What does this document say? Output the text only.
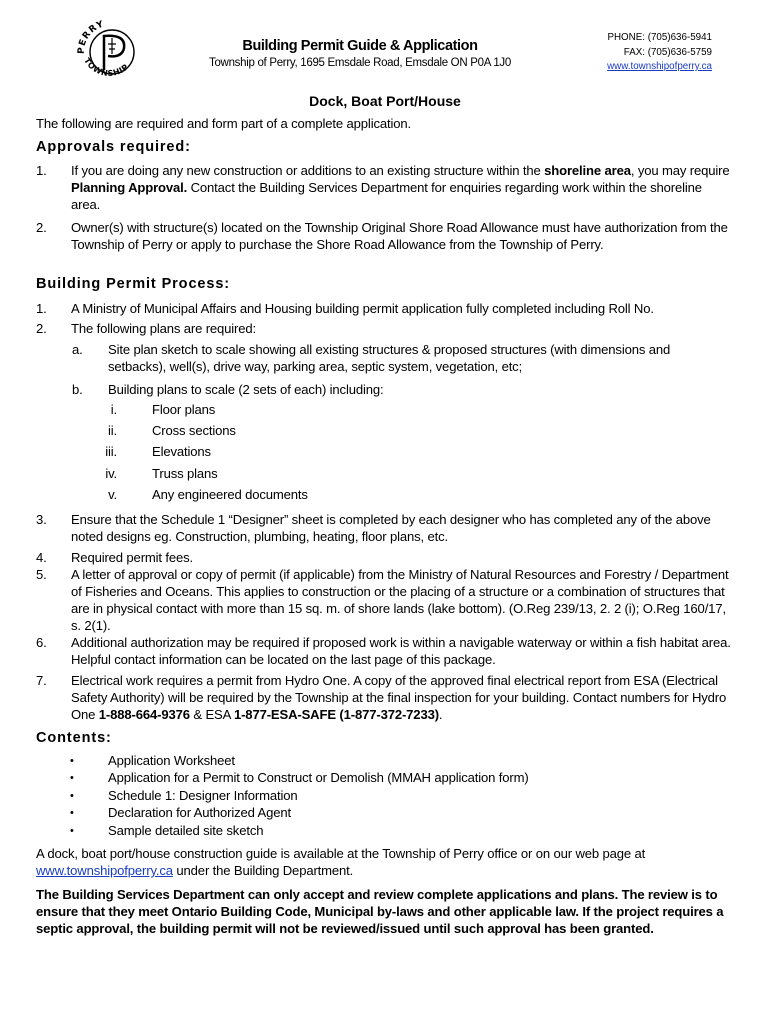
PERRY
TOWNSHIP
Building Permit Guide & Application
Township of Perry, 1695 Emsdale Road, Emsdale ON P0A 1J0
PHONE: (705)636-5941
FAX: (705)636-5759
www.townshipofperry.ca
Dock, Boat Port/House
The following are required and form part of a complete application.
Approvals required:
1. If you are doing any new construction or additions to an existing structure within the shoreline area, you may require Planning Approval. Contact the Building Services Department for enquiries regarding work within the shoreline area.
2. Owner(s) with structure(s) located on the Township Original Shore Road Allowance must have authorization from the Township of Perry or apply to purchase the Shore Road Allowance from the Township of Perry.
Building Permit Process:
1. A Ministry of Municipal Affairs and Housing building permit application fully completed including Roll No.
2. The following plans are required:
a. Site plan sketch to scale showing all existing structures & proposed structures (with dimensions and setbacks), well(s), drive way, parking area, septic system, vegetation, etc;
b. Building plans to scale (2 sets of each) including:
i.	Floor plans
ii.	Cross sections
iii.	Elevations
iv.	Truss plans
v.	Any engineered documents
3. Ensure that the Schedule 1 “Designer” sheet is completed by each designer who has completed any of the above noted designs eg. Construction, plumbing, heating, floor plans, etc.
4. Required permit fees.
5. A letter of approval or copy of permit (if applicable) from the Ministry of Natural Resources and Forestry / Department of Fisheries and Oceans. This applies to construction or the placing of a structure or a combination of structures that are in physical contact with more than 15 sq. m. of shore lands (lake bottom). (O.Reg 239/13, 2. 2 (i); O.Reg 160/17, s. 2(1).
6. Additional authorization may be required if proposed work is within a navigable waterway or within a fish habitat area. Helpful contact information can be located on the last page of this package.
7. Electrical work requires a permit from Hydro One. A copy of the approved final electrical report from ESA (Electrical Safety Authority) will be required by the Township at the final inspection for your building. Contact numbers for Hydro One 1-888-664-9376 & ESA 1-877-ESA-SAFE (1-877-372-7233).
Contents:
•	Application Worksheet
•	Application for a Permit to Construct or Demolish (MMAH application form)
•	Schedule 1: Designer Information
•	Declaration for Authorized Agent
•	Sample detailed site sketch
A dock, boat port/house construction guide is available at the Township of Perry office or on our web page at www.townshipofperry.ca under the Building Department.
The Building Services Department can only accept and review complete applications and plans. The review is to ensure that they meet Ontario Building Code, Municipal by-laws and other applicable law. If the project requires a septic approval, the building permit will not be reviewed/issued until such approval has been granted.
